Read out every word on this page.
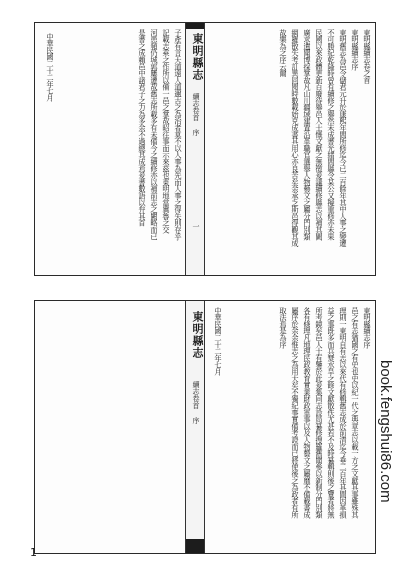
東明縣續志卷之首
東明縣續志序
東明舊志為邑令儲君元升於康熙年間所修迄今已二百餘年其中人事之變遷
不可勝紀乾隆時曾有續修之舉然未成書光緒間縣令某公又擬重修亦未果
民國以來政體更新百廢待舉邑人士慨文獻之無徵爰議續修縣志以補其闕
廣求遺聞博採掌故凡山川疆域建置沿革職官選舉人物藝文之屬分門別類
網羅散失考訂異同閱時數載始克成書其用心亦良苦矣余承乏斯邑得觀其成
故樂為之序云爾
東明縣志
續志卷首 序
一
子產有言天道遠人道邇古之為治者莫不以人事為先而人事之得失則存乎
記載志乘之作所以備一邑之掌故昭往事而示來茲也東明地當冀魯之交
河患頻仍城郭屢遷故舊志所載多有未備今之續修亦以補前志之闕略而已
是書之成賴邑中諸君子之力為多余不過總其成焉爰書數語以弁其首
中華民國二十二年七月
東明縣志
續志卷首 序
中華民國二十二年七月	東明縣續志序
邑之有志猶國之有史也史以紀一代之典章志以載一方之文獻其事雖殊其
理則一東明自有志以來代有修輯舊志成於前清迄今垂二百年其間因革損
益之事既多而兵燹水旱之餘文獻散佚尤甚若不及時纂輯則後之覽者將無
所考鏡矣邑人士有鑒於此爰集同志設局纂修搜羅舊聞參以新制分門別類
各有條理凡地理民政教育實業財政軍事以及人物藝文之屬靡不備載書成
屬序於余余惟志之為用大矣不獨紀事實備考證而已將使後之為政者有所
取法焉是為序
1
book.fengshui86.com
